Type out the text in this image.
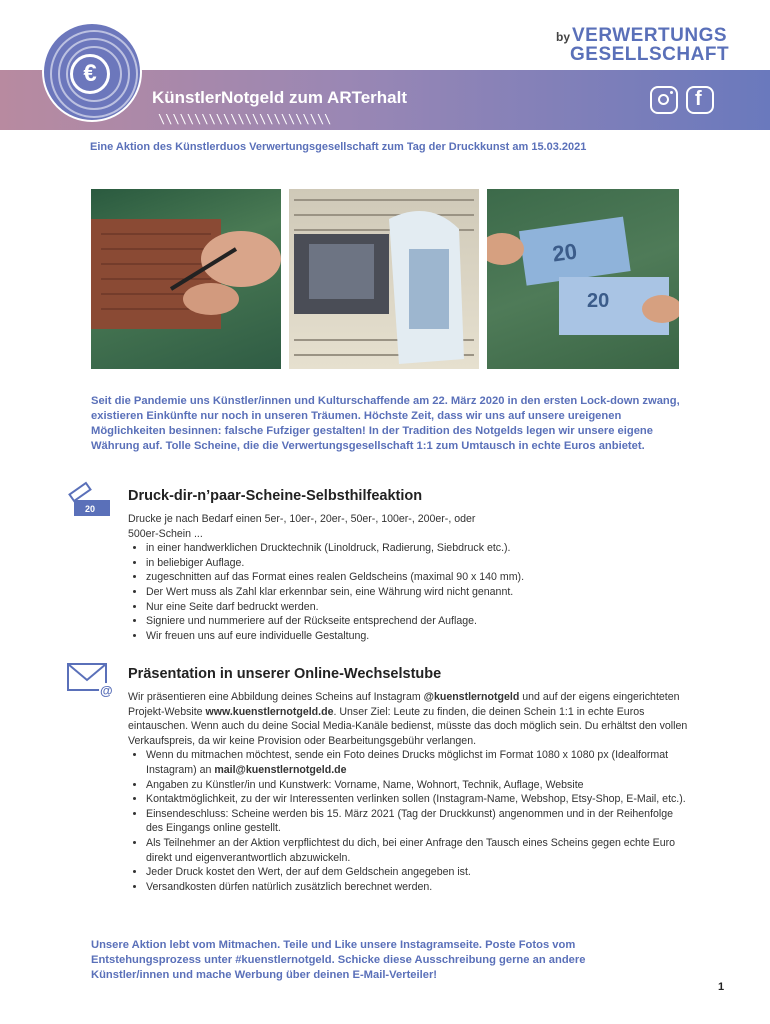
€
KünstlerNotgeld zum ARTerhalt
\\\\\\\\\\\\\\\\\\\\\\\\
by VERWERTUNGS
GESELLSCHAFT
f
Eine Aktion des Künstlerduos Verwertungsgesellschaft zum Tag der Druckkunst am 15.03.2021
20
20
Seit die Pandemie uns Künstler/innen und Kulturschaffende am 22. März 2020 in den ersten Lock-down zwang, existieren Einkünfte nur noch in unseren Träumen. Höchste Zeit, dass wir uns auf unsere ureigenen Möglichkeiten besinnen: falsche Fufziger gestalten! In der Tradition des Notgelds legen wir unsere eigene Währung auf. Tolle Scheine, die die Verwertungsgesellschaft 1:1 zum Umtausch in echte Euros anbietet.
20
Druck-dir-n’paar-Scheine-Selbsthilfeaktion

Drucke je nach Bedarf einen 5er-, 10er-, 20er-, 50er-, 100er-, 200er-, oder 500er-Schein ...

• in einer handwerklichen Drucktechnik (Linoldruck, Radierung, Siebdruck etc.).
• in beliebiger Auflage.
• zugeschnitten auf das Format eines realen Geldscheins (maximal 90 x 140 mm).
• Der Wert muss als Zahl klar erkennbar sein, eine Währung wird nicht genannt.
• Nur eine Seite darf bedruckt werden.
• Signiere und nummeriere auf der Rückseite entsprechend der Auflage.
• Wir freuen uns auf eure individuelle Gestaltung.
@
Präsentation in unserer Online-Wechselstube

Wir präsentieren eine Abbildung deines Scheins auf Instagram @kuenstlernotgeld und auf der eigens eingerichteten Projekt-Website www.kuenstlernotgeld.de. Unser Ziel: Leute zu finden, die deinen Schein 1:1 in echte Euros eintauschen. Wenn auch du deine Social Media-Kanäle bedienst, müsste das doch möglich sein. Du erhältst den vollen Verkaufspreis, da wir keine Provision oder Bearbeitungsgebühr verlangen.

• Wenn du mitmachen möchtest, sende ein Foto deines Drucks möglichst im Format 1080 x 1080 px (Idealformat Instagram) an mail@kuenstlernotgeld.de
• Angaben zu Künstler/in und Kunstwerk: Vorname, Name, Wohnort, Technik, Auflage, Website
• Kontaktmöglichkeit, zu der wir Interessenten verlinken sollen (Instagram-Name, Webshop, Etsy-Shop, E-Mail, etc.).
• Einsendeschluss: Scheine werden bis 15. März 2021 (Tag der Druckkunst) angenommen und in der Reihenfolge des Eingangs online gestellt.
• Als Teilnehmer an der Aktion verpflichtest du dich, bei einer Anfrage den Tausch eines Scheins gegen echte Euro direkt und eigenverantwortlich abzuwickeln.
• Jeder Druck kostet den Wert, der auf dem Geldschein angegeben ist.
• Versandkosten dürfen natürlich zusätzlich berechnet werden.
Unsere Aktion lebt vom Mitmachen. Teile und Like unsere Instagramseite. Poste Fotos vom Entstehungsprozess unter #kuenstlernotgeld. Schicke diese Ausschreibung gerne an andere Künstler/innen und mache Werbung über deinen E-Mail-Verteiler!
1
